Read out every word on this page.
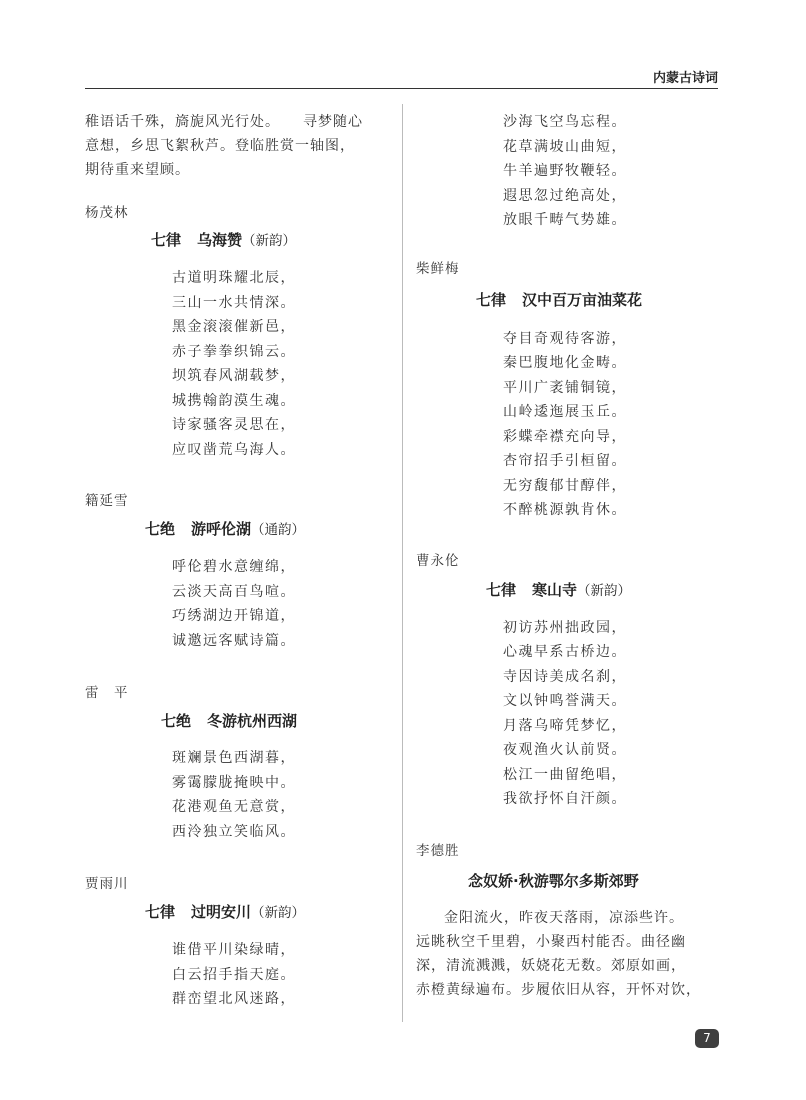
内蒙古诗词

稚语话千殊，旖旎风光行处。　　寻梦随心

意想，乡思飞絮秋芦。登临胜赏一轴图，

期待重来望顾。

杨茂林

七律 乌海赞（新韵）

古道明珠耀北辰，
三山一水共情深。
黑金滚滚催新邑，
赤子拳拳织锦云。
坝筑春风湖载梦，
城携翰韵漠生魂。
诗家骚客灵思在，
应叹凿荒乌海人。

籍延雪

七绝 游呼伦湖（通韵）

呼伦碧水意缠绵，
云淡天高百鸟喧。
巧绣湖边开锦道，
诚邀远客赋诗篇。

雷　平

七绝 冬游杭州西湖

斑斓景色西湖暮，
雾霭朦胧掩映中。
花港观鱼无意赏，
西泠独立笑临风。

贾雨川

七律 过明安川（新韵）

谁借平川染绿晴，
白云招手指天庭。
群峦望北风迷路，
沙海飞空鸟忘程。
花草满坡山曲短，
牛羊遍野牧鞭轻。
遐思忽过绝高处，
放眼千畴气势雄。

柴鲜梅

七律 汉中百万亩油菜花

夺目奇观待客游，
秦巴腹地化金畴。
平川广袤铺铜镜，
山岭逶迤展玉丘。
彩蝶牵襟充向导，
杏帘招手引桓留。
无穷馥郁甘醇伴，
不醉桃源孰肯休。

曹永伦

七律 寒山寺（新韵）

初访苏州拙政园，
心魂早系古桥边。
寺因诗美成名刹，
文以钟鸣誉满天。
月落乌啼凭梦忆，
夜观渔火认前贤。
松江一曲留绝唱，
我欲抒怀自汗颜。

李德胜

念奴娇·秋游鄂尔多斯郊野

金阳流火，昨夜天落雨，凉添些许。

远眺秋空千里碧，小聚西村能否。曲径幽

深，清流溅溅，妖娆花无数。郊原如画，

赤橙黄绿遍布。步履依旧从容，开怀对饮，

7
